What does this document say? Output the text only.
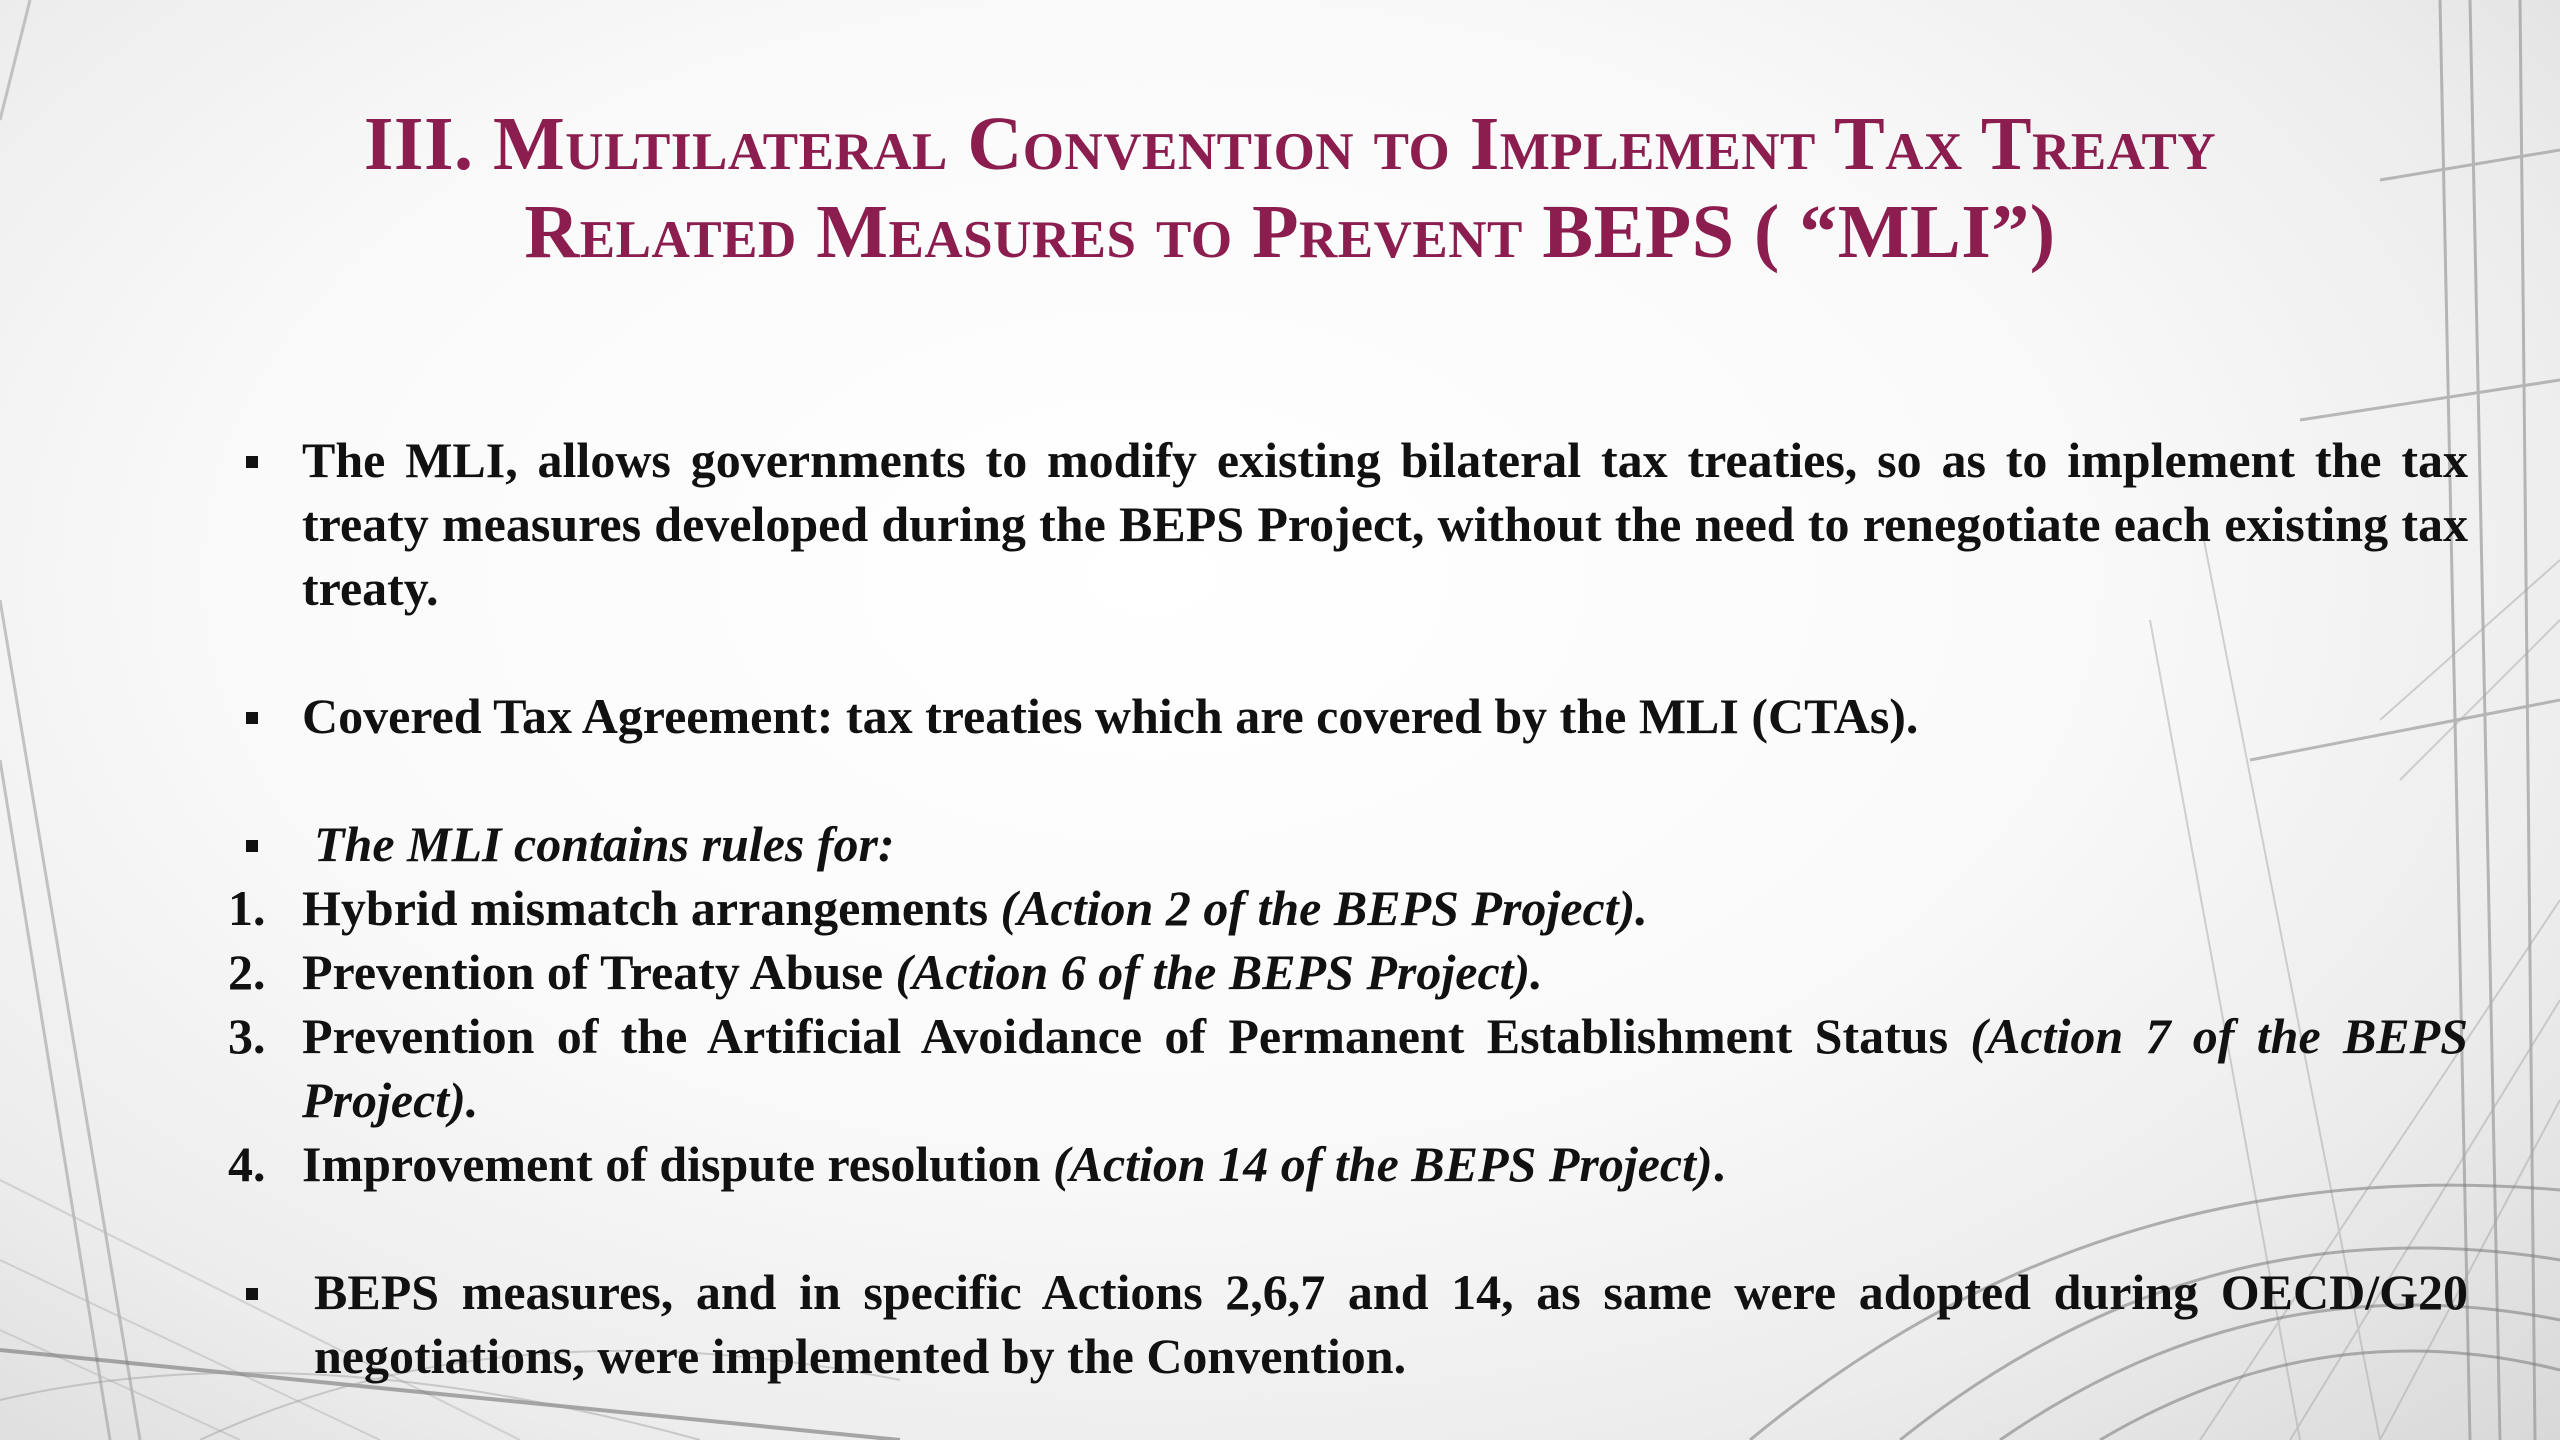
III. Multilateral Convention to Implement Tax Treaty
Related Measures to Prevent BEPS ( “MLI”)
The MLI, allows governments to modify existing bilateral tax treaties, so as to implement the tax treaty measures developed during the BEPS Project, without the need to renegotiate each existing tax treaty.
Covered Tax Agreement: tax treaties which are covered by the MLI (CTAs).
The MLI contains rules for:
1. Hybrid mismatch arrangements (Action 2 of the BEPS Project).
2. Prevention of Treaty Abuse (Action 6 of the BEPS Project).
3. Prevention of the Artificial Avoidance of Permanent Establishment Status (Action 7 of the BEPS Project).
4. Improvement of dispute resolution (Action 14 of the BEPS Project).
BEPS measures, and in specific Actions 2,6,7 and 14, as same were adopted during OECD/G20 negotiations, were implemented by the Convention.
